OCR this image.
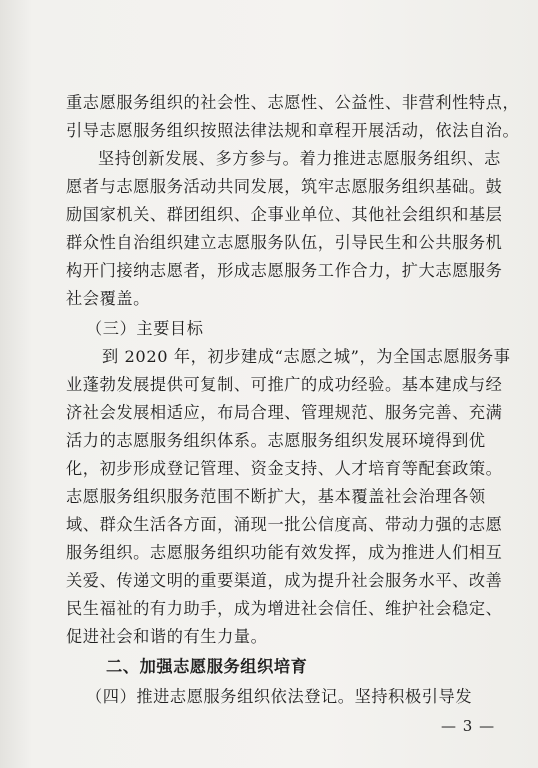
重志愿服务组织的社会性、志愿性、公益性、非营利性特点，
引导志愿服务组织按照法律法规和章程开展活动，依法自治。
坚持创新发展、多方参与。着力推进志愿服务组织、志
愿者与志愿服务活动共同发展，筑牢志愿服务组织基础。鼓
励国家机关、群团组织、企事业单位、其他社会组织和基层
群众性自治组织建立志愿服务队伍，引导民生和公共服务机
构开门接纳志愿者，形成志愿服务工作合力，扩大志愿服务
社会覆盖。
（三）主要目标
到 2020 年，初步建成“志愿之城”，为全国志愿服务事
业蓬勃发展提供可复制、可推广的成功经验。基本建成与经
济社会发展相适应，布局合理、管理规范、服务完善、充满
活力的志愿服务组织体系。志愿服务组织发展环境得到优
化，初步形成登记管理、资金支持、人才培育等配套政策。
志愿服务组织服务范围不断扩大，基本覆盖社会治理各领
域、群众生活各方面，涌现一批公信度高、带动力强的志愿
服务组织。志愿服务组织功能有效发挥，成为推进人们相互
关爱、传递文明的重要渠道，成为提升社会服务水平、改善
民生福祉的有力助手，成为增进社会信任、维护社会稳定、
促进社会和谐的有生力量。
二、加强志愿服务组织培育
（四）推进志愿服务组织依法登记。坚持积极引导发
— 3 —
